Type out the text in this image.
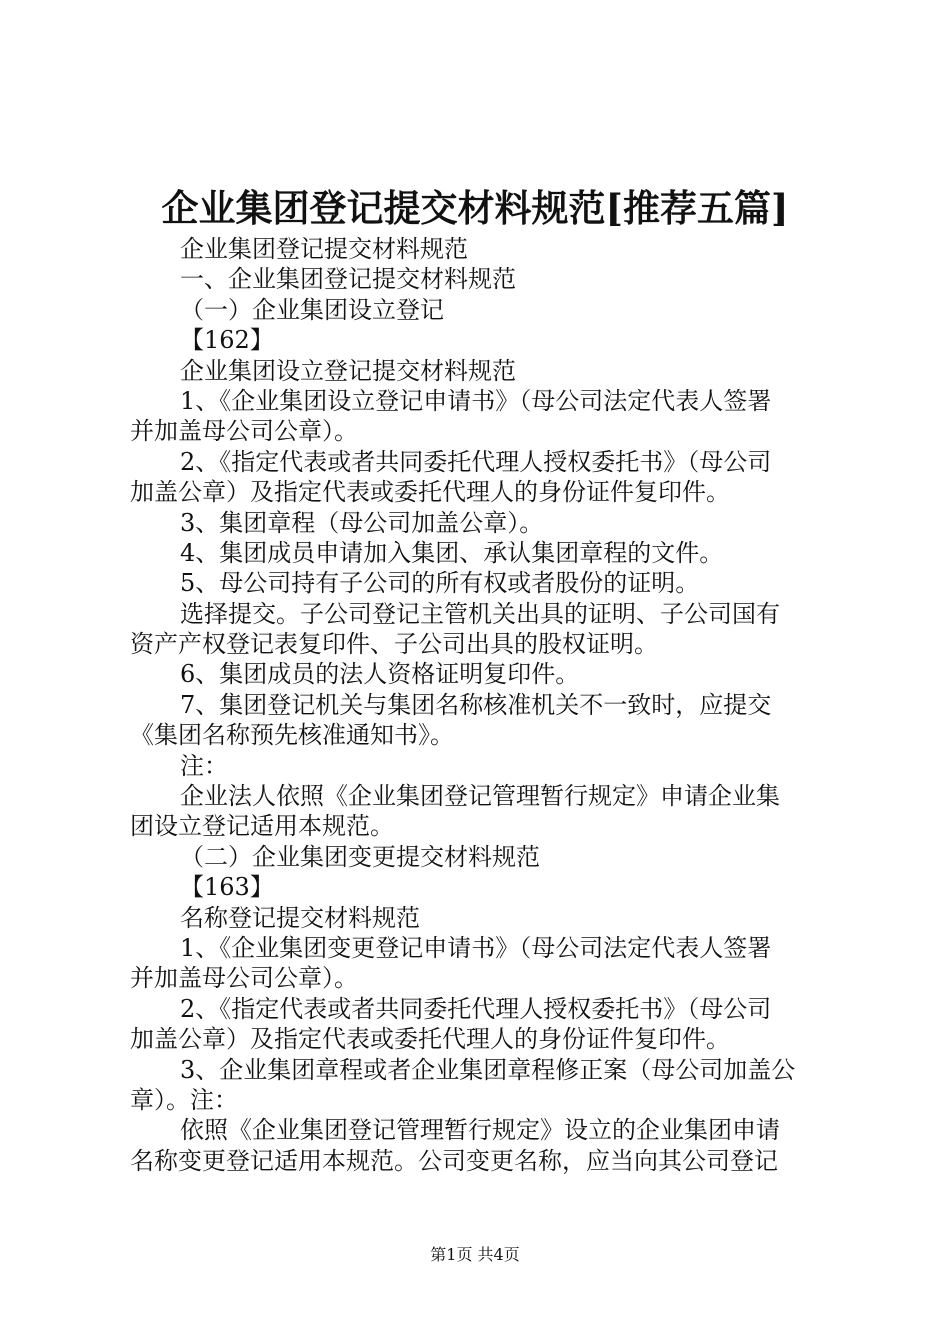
企业集团登记提交材料规范[推荐五篇]
企业集团登记提交材料规范
一、企业集团登记提交材料规范
（一）企业集团设立登记
【162】
企业集团设立登记提交材料规范
1、《企业集团设立登记申请书》（母公司法定代表人签署
并加盖母公司公章）。
2、《指定代表或者共同委托代理人授权委托书》（母公司
加盖公章）及指定代表或委托代理人的身份证件复印件。
3、集团章程（母公司加盖公章）。
4、集团成员申请加入集团、承认集团章程的文件。
5、母公司持有子公司的所有权或者股份的证明。
选择提交。子公司登记主管机关出具的证明、子公司国有
资产产权登记表复印件、子公司出具的股权证明。
6、集团成员的法人资格证明复印件。
7、集团登记机关与集团名称核准机关不一致时，应提交
《集团名称预先核准通知书》。
注：
企业法人依照《企业集团登记管理暂行规定》申请企业集
团设立登记适用本规范。
（二）企业集团变更提交材料规范
【163】
名称登记提交材料规范
1、《企业集团变更登记申请书》（母公司法定代表人签署
并加盖母公司公章）。
2、《指定代表或者共同委托代理人授权委托书》（母公司
加盖公章）及指定代表或委托代理人的身份证件复印件。
3、企业集团章程或者企业集团章程修正案（母公司加盖公
章）。注：
依照《企业集团登记管理暂行规定》设立的企业集团申请
名称变更登记适用本规范。公司变更名称，应当向其公司登记
第1页 共4页
